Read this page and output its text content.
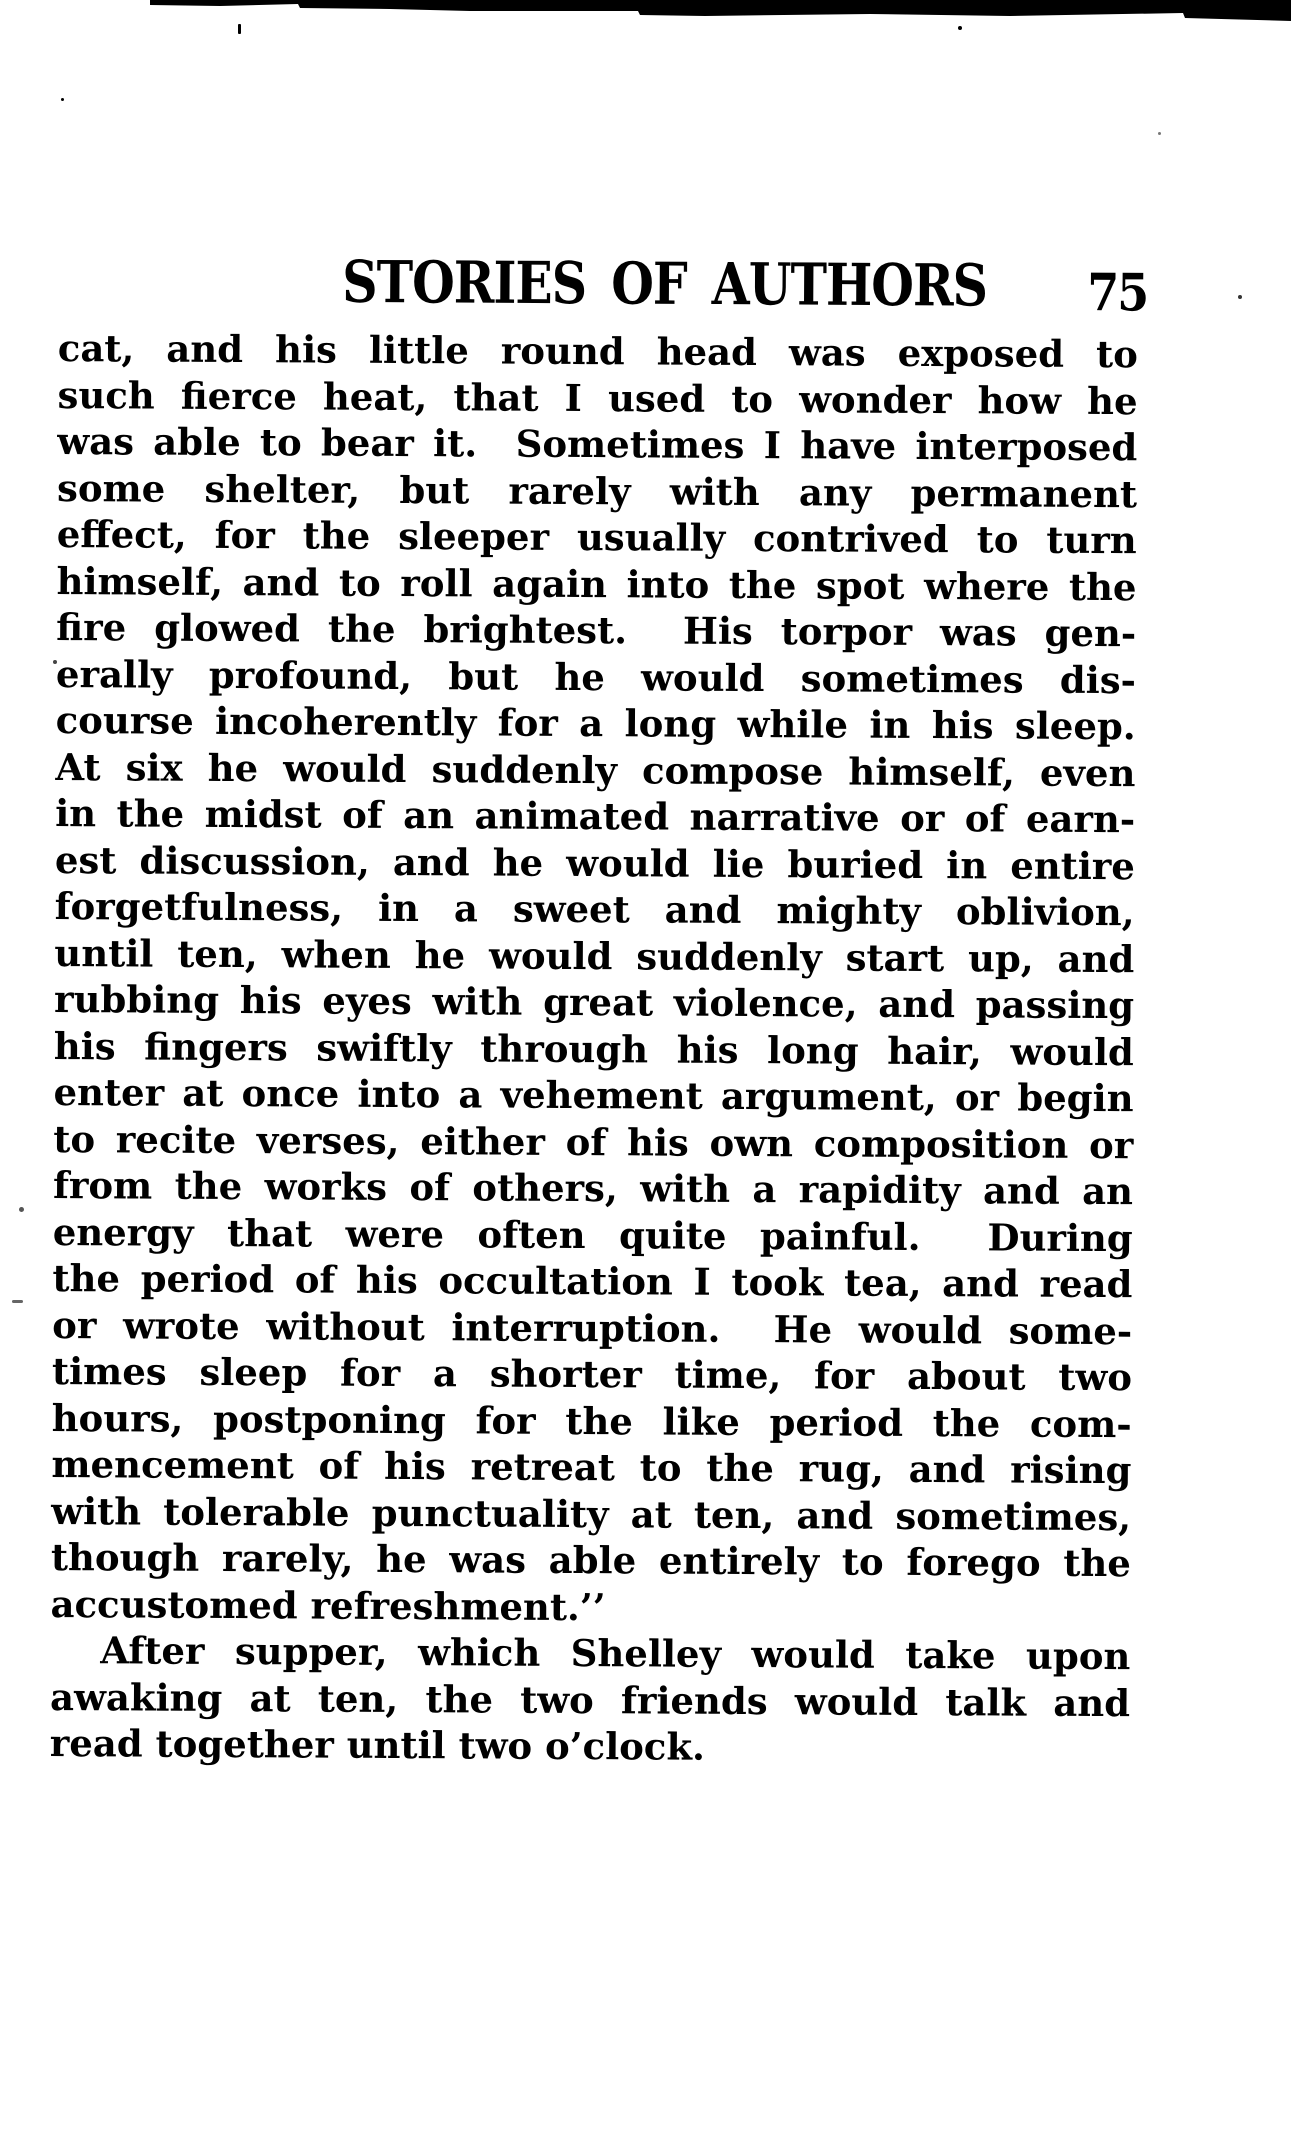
STORIES OF AUTHORS 75
cat, and his little round head was exposed to
such fierce heat, that I used to wonder how he
was able to bear it.  Sometimes I have interposed
some shelter, but rarely with any permanent
effect, for the sleeper usually contrived to turn
himself, and to roll again into the spot where the
fire glowed the brightest.  His torpor was gen-
erally profound, but he would sometimes dis-
course incoherently for a long while in his sleep.
At six he would suddenly compose himself, even
in the midst of an animated narrative or of earn-
est discussion, and he would lie buried in entire
forgetfulness, in a sweet and mighty oblivion,
until ten, when he would suddenly start up, and
rubbing his eyes with great violence, and passing
his fingers swiftly through his long hair, would
enter at once into a vehement argument, or begin
to recite verses, either of his own composition or
from the works of others, with a rapidity and an
energy that were often quite painful.  During
the period of his occultation I took tea, and read
or wrote without interruption.  He would some-
times sleep for a shorter time, for about two
hours, postponing for the like period the com-
mencement of his retreat to the rug, and rising
with tolerable punctuality at ten, and sometimes,
though rarely, he was able entirely to forego the
accustomed refreshment.’’
After supper, which Shelley would take upon
awaking at ten, the two friends would talk and
read together until two o’clock.
